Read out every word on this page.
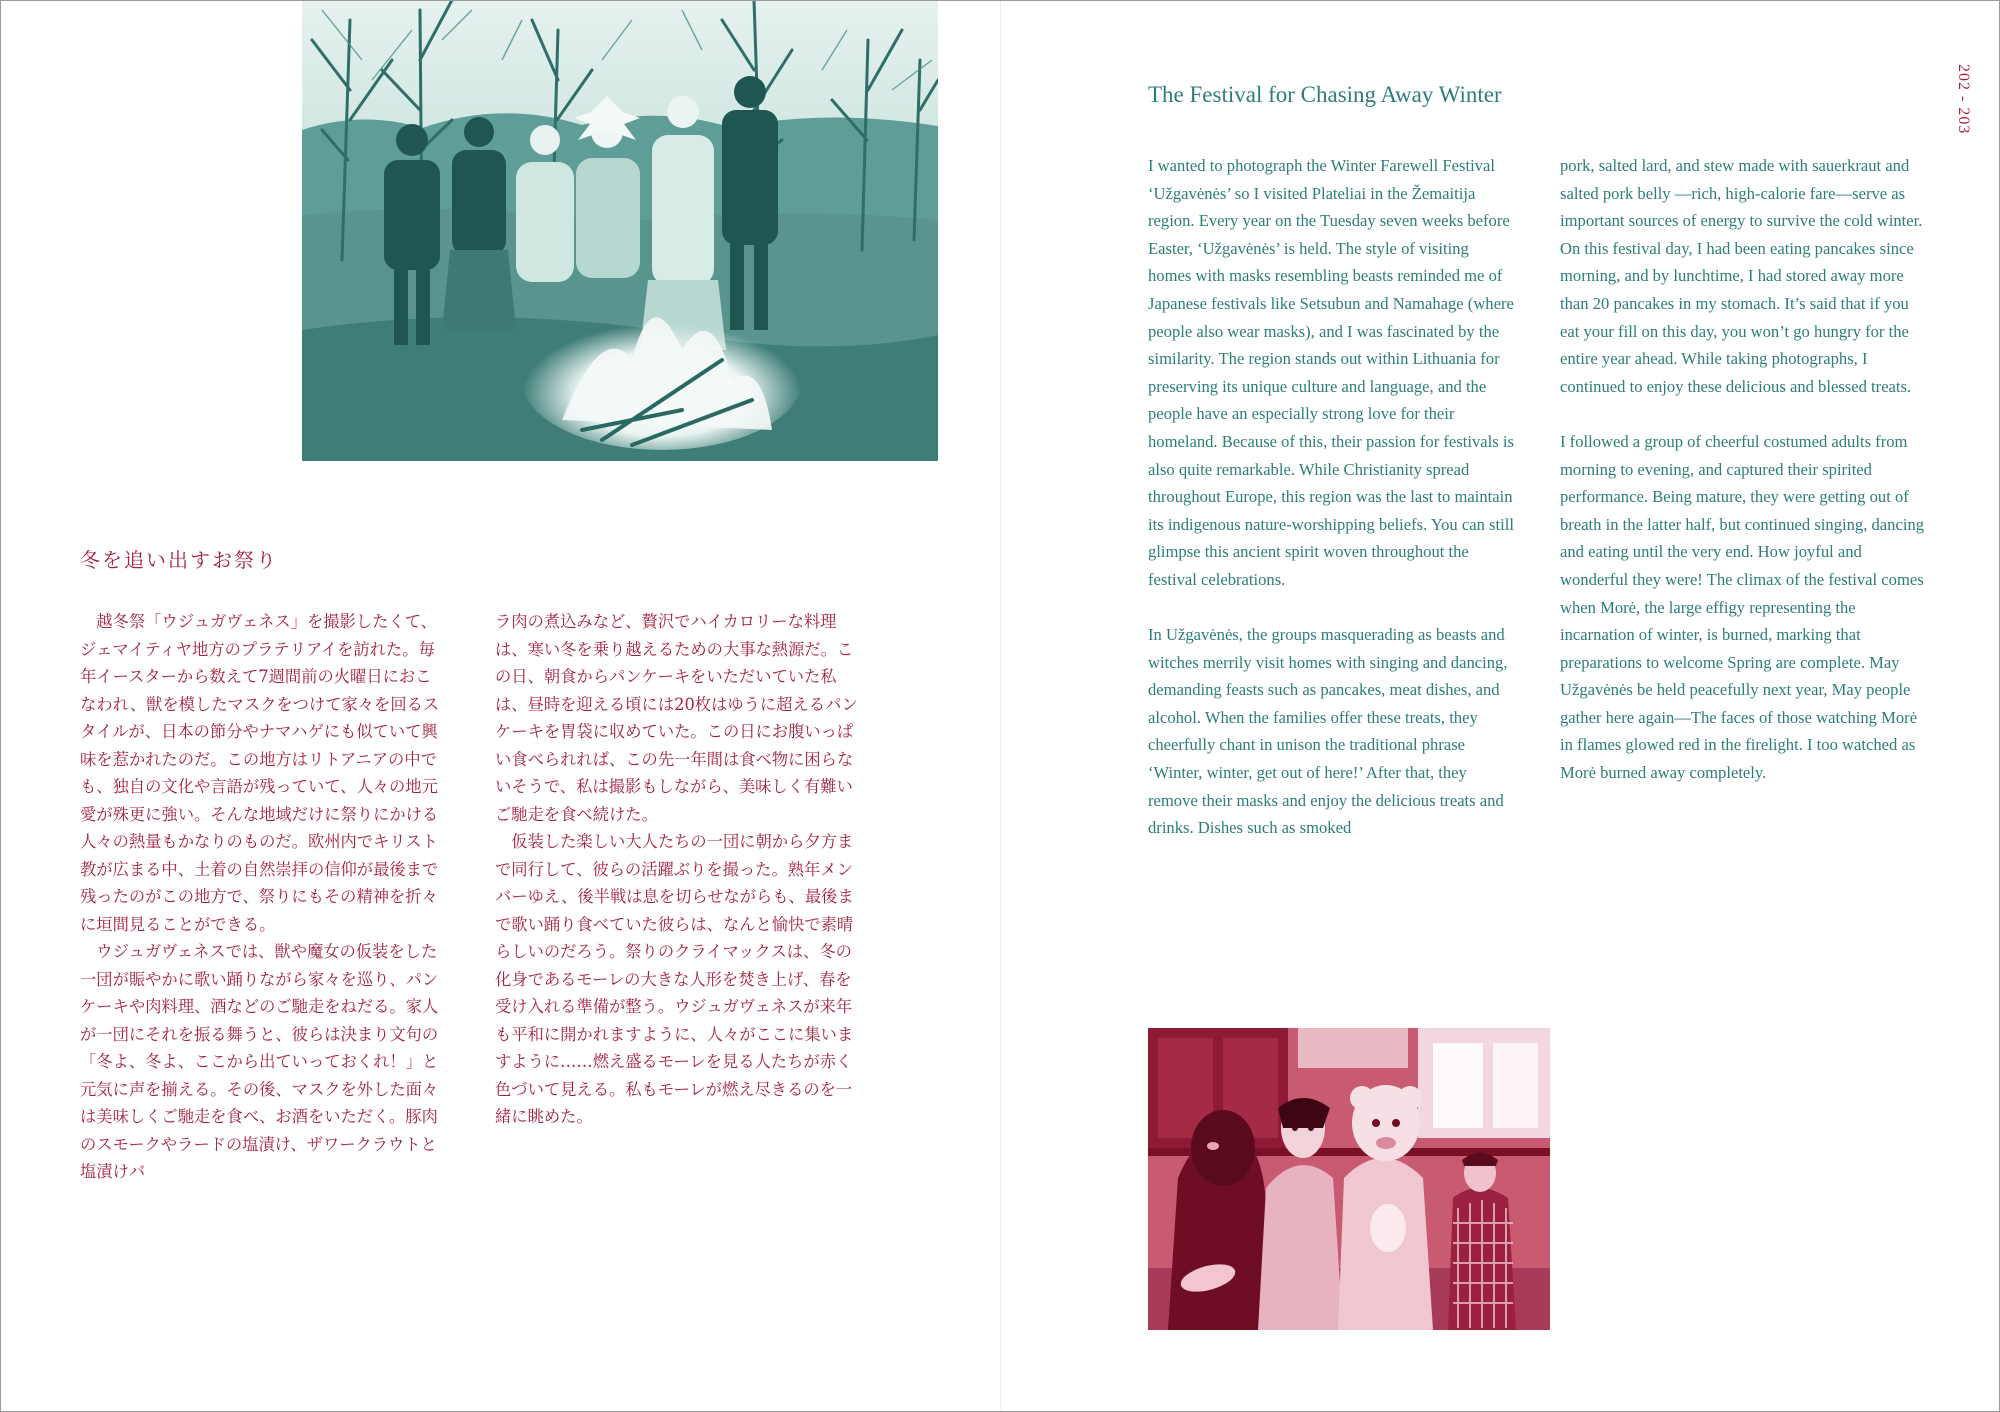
冬を追い出すお祭り

越冬祭「ウジュガヴェネス」を撮影したくて、ジェマイティヤ地方のプラテリアイを訪れた。毎年イースターから数えて7週間前の火曜日におこなわれ、獣を模したマスクをつけて家々を回るスタイルが、日本の節分やナマハゲにも似ていて興味を惹かれたのだ。この地方はリトアニアの中でも、独自の文化や言語が残っていて、人々の地元愛が殊更に強い。そんな地域だけに祭りにかける人々の熱量もかなりのものだ。欧州内でキリスト教が広まる中、土着の自然崇拝の信仰が最後まで残ったのがこの地方で、祭りにもその精神を折々に垣間見ることができる。

ウジュガヴェネスでは、獣や魔女の仮装をした一団が賑やかに歌い踊りながら家々を巡り、パンケーキや肉料理、酒などのご馳走をねだる。家人が一団にそれを振る舞うと、彼らは決まり文句の「冬よ、冬よ、ここから出ていっておくれ！」と元気に声を揃える。その後、マスクを外した面々は美味しくご馳走を食べ、お酒をいただく。豚肉のスモークやラードの塩漬け、ザワークラウトと塩漬けバ

ラ肉の煮込みなど、贅沢でハイカロリーな料理は、寒い冬を乗り越えるための大事な熱源だ。この日、朝食からパンケーキをいただいていた私は、昼時を迎える頃には20枚はゆうに超えるパンケーキを胃袋に収めていた。この日にお腹いっぱい食べられれば、この先一年間は食べ物に困らないそうで、私は撮影もしながら、美味しく有難いご馳走を食べ続けた。

仮装した楽しい大人たちの一団に朝から夕方まで同行して、彼らの活躍ぶりを撮った。熟年メンバーゆえ、後半戦は息を切らせながらも、最後まで歌い踊り食べていた彼らは、なんと愉快で素晴らしいのだろう。祭りのクライマックスは、冬の化身であるモーレの大きな人形を焚き上げ、春を受け入れる準備が整う。ウジュガヴェネスが来年も平和に開かれますように、人々がここに集いますように……燃え盛るモーレを見る人たちが赤く色づいて見える。私もモーレが燃え尽きるのを一緒に眺めた。

The Festival for Chasing Away Winter

I wanted to photograph the Winter Farewell Festival ‘Užgavėnės’ so I visited Plateliai in the Žemaitija region. Every year on the Tuesday seven weeks before Easter, ‘Užgavėnės’ is held. The style of visiting homes with masks resembling beasts reminded me of Japanese festivals like Setsubun and Namahage (where people also wear masks), and I was fascinated by the similarity. The region stands out within Lithuania for preserving its unique culture and language, and the people have an especially strong love for their homeland. Because of this, their passion for festivals is also quite remarkable. While Christianity spread throughout Europe, this region was the last to maintain its indigenous nature-worshipping beliefs. You can still glimpse this ancient spirit woven throughout the festival celebrations.

In Užgavėnės, the groups masquerading as beasts and witches merrily visit homes with singing and dancing, demanding feasts such as pancakes, meat dishes, and alcohol. When the families offer these treats, they cheerfully chant in unison the traditional phrase ‘Winter, winter, get out of here!’ After that, they remove their masks and enjoy the delicious treats and drinks. Dishes such as smoked

pork, salted lard, and stew made with sauerkraut and salted pork belly —rich, high-calorie fare—serve as important sources of energy to survive the cold winter. On this festival day, I had been eating pancakes since morning, and by lunchtime, I had stored away more than 20 pancakes in my stomach. It’s said that if you eat your fill on this day, you won’t go hungry for the entire year ahead. While taking photographs, I continued to enjoy these delicious and blessed treats.

I followed a group of cheerful costumed adults from morning to evening, and captured their spirited performance. Being mature, they were getting out of breath in the latter half, but continued singing, dancing and eating until the very end. How joyful and wonderful they were! The climax of the festival comes when Morė, the large effigy representing the incarnation of winter, is burned, marking that preparations to welcome Spring are complete. May Užgavėnės be held peacefully next year, May people gather here again—The faces of those watching Morė in flames glowed red in the firelight. I too watched as Morė burned away completely.

202 - 203
